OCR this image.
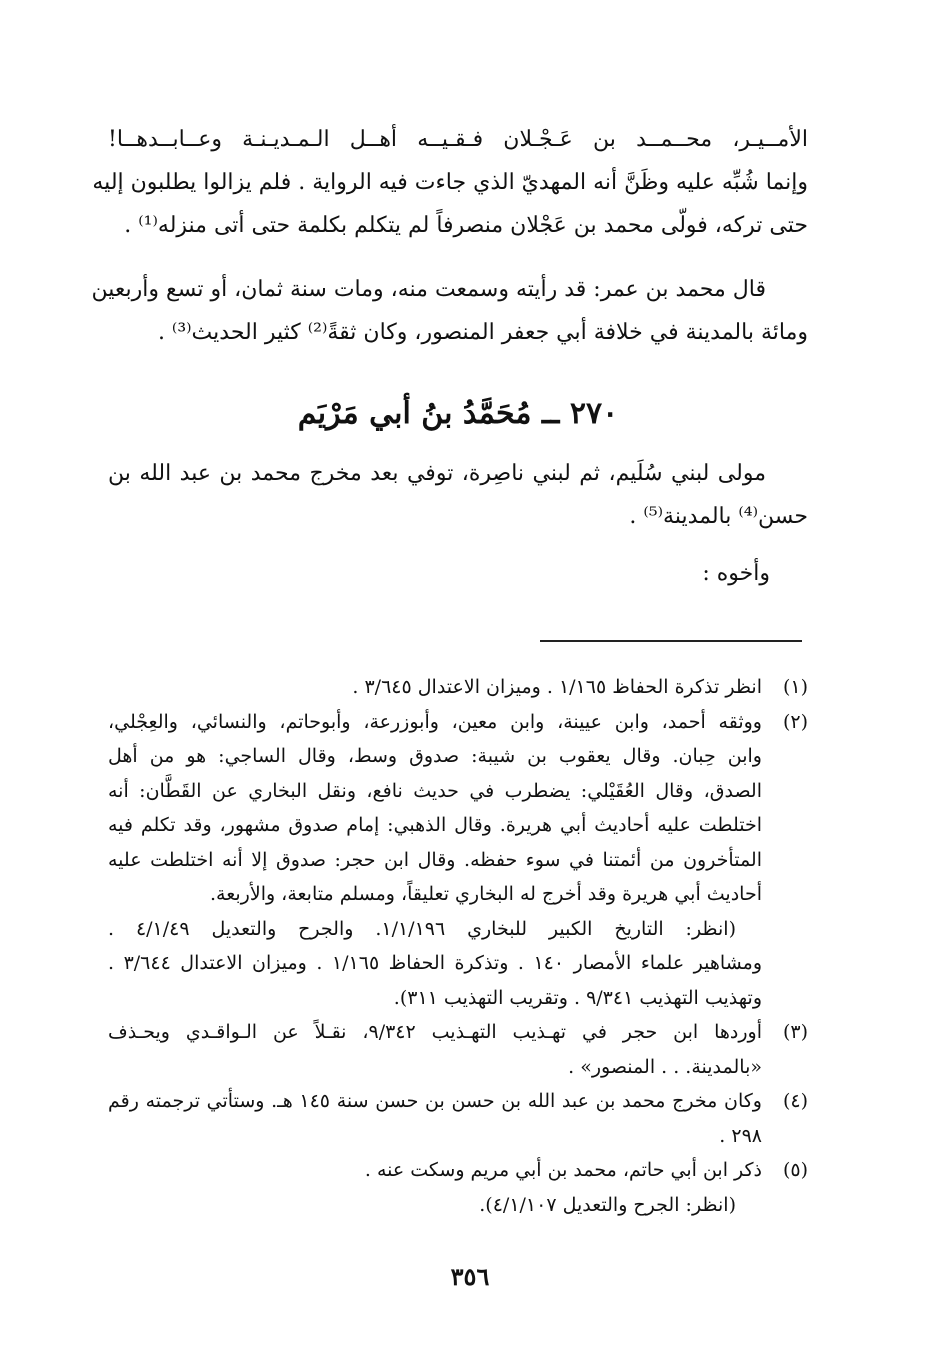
الأمــيـر، محــمــد بن عَـجْـلان فـقـيــه أهــل الـمـديـنـة وعــابــدهــا!
وإنما شُبِّه عليه وظَنَّ أنه المهديّ الذي جاءت فيه الرواية . فلم يزالوا يطلبون إليه
حتى تركه، فولّى محمد بن عَجْلان منصرفاً لم يتكلم بكلمة حتى أتى منزله⁽¹⁾ .
قال محمد بن عمر: قد رأيته وسمعت منه، ومات سنة ثمان، أو تسع وأربعين
ومائة بالمدينة في خلافة أبي جعفر المنصور، وكان ثقةً⁽²⁾ كثير الحديث⁽³⁾ .
٢٧٠ ــ مُحَمَّدُ بنُ أبي مَرْيَم
مولى لبني سُلَيم، ثم لبني ناصِرة، توفي بعد مخرج محمد بن عبد الله بن
حسن⁽⁴⁾ بالمدينة⁽⁵⁾ .
وأخوه :
(١)
انظر تذكرة الحفاظ ١/١٦٥ . وميزان الاعتدال ٣/٦٤٥ .
(٢)
ووثقه أحمد، وابن عيينة، وابن معين، وأبوزرعة، وأبوحاتم، والنسائي، والعِجْلي،
وابن حِبان. وقال يعقوب بن شيبة: صدوق وسط، وقال الساجي: هو من أهل
الصدق، وقال العُقَيْلي: يضطرب في حديث نافع، ونقل البخاري عن القَطَّان: أنه
اختلطت عليه أحاديث أبي هريرة. وقال الذهبي: إمام صدوق مشهور، وقد تكلم فيه
المتأخرون من أئمتنا في سوء حفظه. وقال ابن حجر: صدوق إلا أنه اختلطت عليه
أحاديث أبي هريرة وقد أخرج له البخاري تعليقاً، ومسلم متابعة، والأربعة.
(انظر: التاريخ الكبير للبخاري ١/١/١٩٦. والجرح والتعديل ٤/١/٤٩ .
ومشاهير علماء الأمصار ١٤٠ . وتذكرة الحفاظ ١/١٦٥ . وميزان الاعتدال ٣/٦٤٤ .
وتهذيب التهذيب ٩/٣٤١ . وتقريب التهذيب ٣١١).
(٣)
أوردها ابن حجر في تهـذيب التهـذيب ٩/٣٤٢، نقـلاً عن الـواقـدي ويحـذف
«بالمدينة. . . المنصور» .
(٤)
وكان مخرج محمد بن عبد الله بن حسن بن حسن سنة ١٤٥ هـ. وستأتي ترجمته رقم
٢٩٨ .
(٥)
ذكر ابن أبي حاتم، محمد بن أبي مريم وسكت عنه .
(انظر: الجرح والتعديل ٤/١/١٠٧).
٣٥٦
